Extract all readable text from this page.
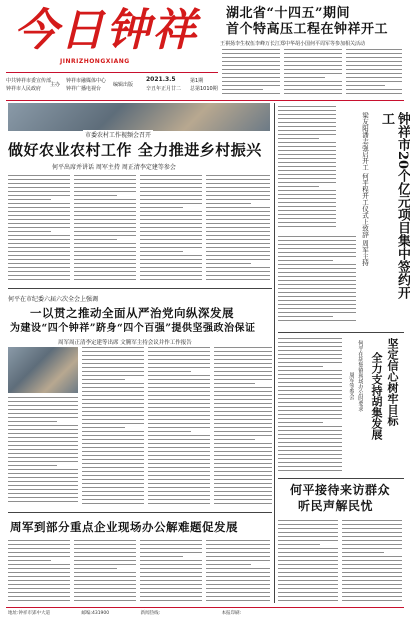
今日钟祥
JINRIZHONGXIANG
中共钟祥市委宣传部
钟祥市人民政府
主办
钟祥市融媒体中心
钟祥广播电视台
编辑出版
2021.3.5
辛丑年正月廿二
第1期
总第1010期
湖北省“十四五”期间
首个特高压工程在钟祥开工
王祺扬李生权伍李峰万长江郑中华胡小国何平周军等参加相关活动
市委农村工作视频会召开
做好农业农村工作 全力推进乡村振兴
何平出席并讲话 周军主持 周正清李定建等参会
何平在市纪委六届六次全会上强调
一以贯之推动全面从严治党向纵深发展
为建设“四个钟祥”跻身“四个百强”提供坚强政治保证
周军周正清李定建等出席 文腾军主持会议并作工作报告
周军到部分重点企业现场办公解难题促发展
钟祥市20个亿元项目集中签约开工
梁友阳潘志强启开工 何平程开工仪式上致辞 周军主持
坚定信心树牢目标
全力支持胡集发展
何平在胡集镇现场办公时要求
周军等参会
何平接待来访群众
听民声解民忧
地址:钟祥市郢中大道	邮编:431900	新闻热线:	本报印刷:
